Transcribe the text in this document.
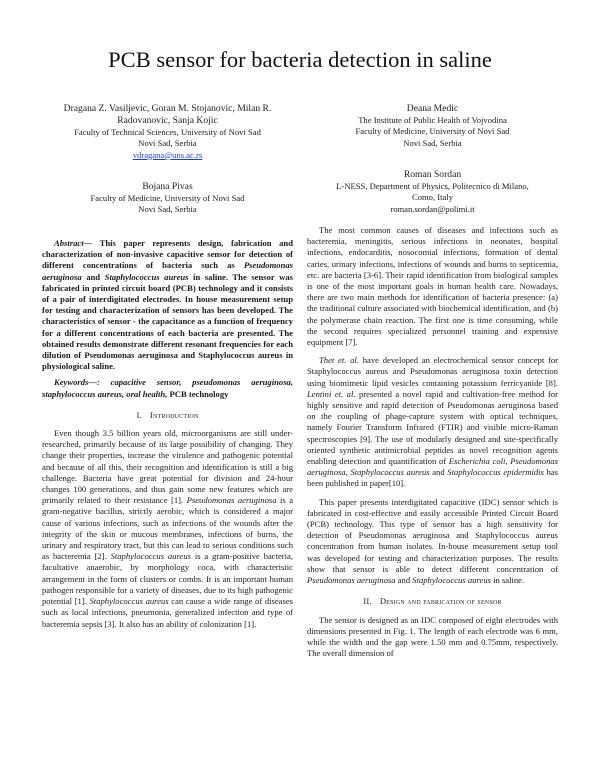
PCB sensor for bacteria detection in saline
Dragana Z. Vasiljevic, Goran M. Stojanovic, Milan R.
Radovanovic, Sanja Kojic
Faculty of Technical Sciences, University of Novi Sad
Novi Sad, Serbia
vdragana@uns.ac.rs
Bojana Pivas
Faculty of Medicine, University of Novi Sad
Novi Sad, Serbia
Deana Medic
The Institute of Public Health of Vojvodina
Faculty of Medicine, University of Novi Sad
Novi Sad, Serbia
Roman Sordan
L-NESS, Department of Physics, Politecnico di Milano,
Como, Italy
roman.sordan@polimi.it

Abstract— This paper represents design, fabrication and characterization of non-invasive capacitive sensor for detection of different concentrations of bacteria such as Pseudomonas aeruginosa and Staphylococcus aureus in saline. The sensor was fabricated in printed circuit board (PCB) technology and it consists of a pair of interdigitated electrodes. In house measurement setup for testing and characterization of sensors has been developed. The characteristics of sensor - the capacitance as a function of frequency for a different concentrations of each bacteria are presented. The obtained results demonstrate different resonant frequencies for each dilution of Pseudomonas aeruginosa and Staphylococcus aureus in physiological saline.

Keywords—: capacitive sensor, pseudomonas aeruginosa, staphylococcus aureus, oral health, PCB technology

I. Introduction

Even though 3.5 billion years old, microorganisms are still under-researched, primarily because of its large possibility of changing. They change their properties, increase the virulence and pathogenic potential and because of all this, their recognition and identification is still a big challenge. Bacteria have great potential for division and 24-hour changes 100 generations, and thus gain some new features which are primarily related to their resistance [1]. Pseudomonas aeruginosa is a gram-negative bacillus, strictly aerobic, which is considered a major cause of various infections, such as infections of the wounds after the integrity of the skin or mucous membranes, infections of burns, the urinary and respiratory tract, but this can lead to serious conditions such as bacteremia [2]. Staphylococcus aureus is a gram-positive bacteria, facultative anaerobic, by morphology coca, with characteristic arrangement in the form of clusters or combs. It is an important human pathogen responsible for a variety of diseases, due to its high pathogenic potential [1]. Staphylococcus aureus can cause a wide range of diseases such as local infections, pneumonia, generalized infection and type of bacteremia sepsis [3]. It also has an ability of colonization [1].

The most common causes of diseases and infections such as bacteremia, meningitis, serious infections in neonates, hospital infections, endocarditis, nosocomial infections, formation of dental caries, urinary infections, infections of wounds and burns to septicemia, etc. are bacteria [3-6]. Their rapid identification from biological samples is one of the most important goals in human health care. Nowadays, there are two main methods for identification of bacteria presence: (a) the traditional culture associated with biochemical identification, and (b) the polymerase chain reaction. The first one is time consuming, while the second requires specialized personnel training and expensive equipment [7].

Thet et. al. have developed an electrochemical sensor concept for Staphylococcus aureus and Pseudomonas aeruginosa toxin detection using biomimetic lipid vesicles containing potassium ferricyanide [8]. Lentini et. al. presented a novel rapid and cultivation-free method for highly sensitive and rapid detection of Pseudomonas aeruginosa based on the coupling of phage-capture system with optical techniques, namely Fourier Transform Infrared (FTIR) and visible micro-Raman spectroscopies [9]. The use of modularly designed and site-specifically oriented synthetic antimicrobial peptides as novel recognition agents enabling detection and quantification of Escherichia coli, Pseudomonas aeruginosa, Staphylococcus aureus and Staphylococcus epidermidis has been published in paper[10].

This paper presents interdigitated capacitive (IDC) sensor which is fabricated in cost-effective and easily accessible Printed Circuit Board (PCB) technology. This type of sensor has a high sensitivity for detection of Pseudomonas aeruginosa and Staphylococcus aureus concentration from human isolates. In-house measurement setup tool was developed for testing and characterization purposes. The results show that sensor is able to detect different concentration of Pseudomonas aeruginosa and Staphylococcus aureus in saline.

II. Design and fabrication of sensor

The sensor is designed as an IDC composed of eight electrodes with dimensions presented in Fig. 1. The length of each electrode was 6 mm, while the width and the gap were 1.50 mm and 0.75mm, respectively. The overall dimension of
